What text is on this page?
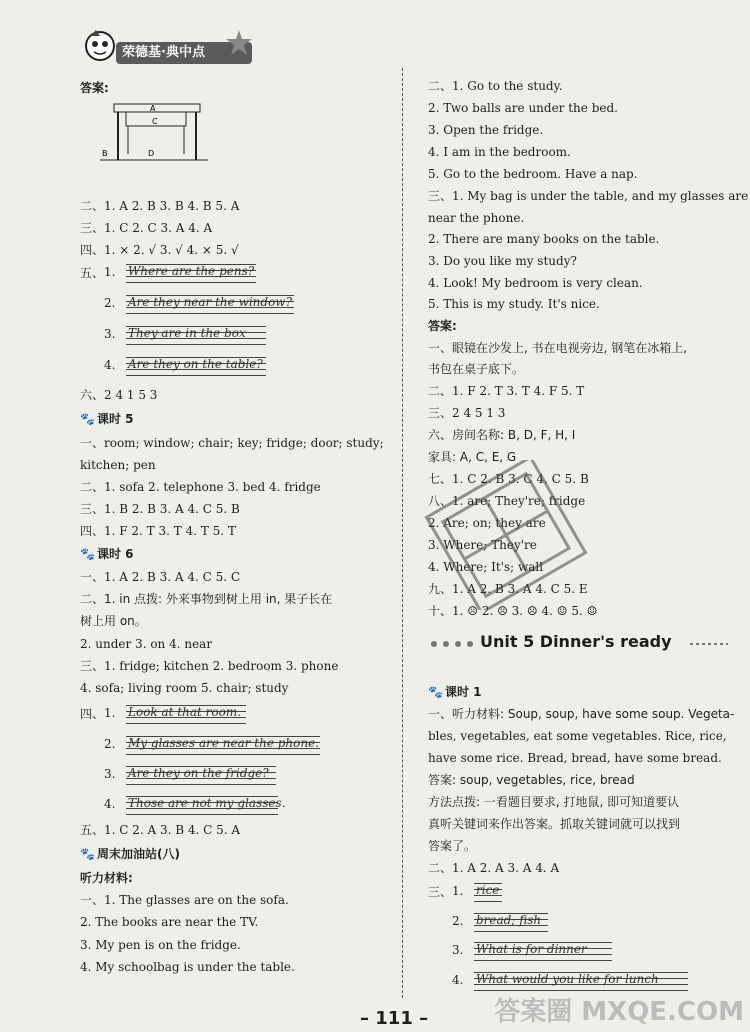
荣德基·典中点
答案:
A
C
B	D
二、1. A 2. B 3. B 4. B 5. A
三、1. C 2. C 3. A 4. A
四、1. × 2. √ 3. √ 4. × 5. √
五、 1. Where are the pens?
2. Are they near the window?
3. They are in the box
4. Are they on the table?
六、2 4 1 5 3
🐾 课时 5
一、room; window; chair; key; fridge; door; study;
kitchen; pen
二、1. sofa 2. telephone 3. bed 4. fridge
三、1. B 2. B 3. A 4. C 5. B
四、1. F 2. T 3. T 4. T 5. T
🐾 课时 6
一、1. A 2. B 3. A 4. C 5. C
二、1. in 点拨: 外来事物到树上用 in, 果子长在
树上用 on。
2. under 3. on 4. near
三、1. fridge; kitchen 2. bedroom 3. phone
4. sofa; living room 5. chair; study
四、 1. Look at that room.
2. My glasses are near the phone.
3. Are they on the fridge?
4. Those are not my glasses.
五、1. C 2. A 3. B 4. C 5. A
🐾 周末加油站(八)
听力材料:
一、1. The glasses are on the sofa.
2. The books are near the TV.
3. My pen is on the fridge.
4. My schoolbag is under the table.
二、1. Go to the study.
2. Two balls are under the bed.
3. Open the fridge.
4. I am in the bedroom.
5. Go to the bedroom. Have a nap.
三、1. My bag is under the table, and my glasses are
near the phone.
2. There are many books on the table.
3. Do you like my study?
4. Look! My bedroom is very clean.
5. This is my study. It's nice.
答案:
一、眼镜在沙发上, 书在电视旁边, 钢笔在冰箱上,
书包在桌子底下。
二、1. F 2. T 3. T 4. F 5. T
三、2 4 5 1 3
六、房间名称: B, D, F, H, I
家具: A, C, E, G
七、1. C 2. B 3. C 4. C 5. B
八、1. are; They're; fridge
2. Are; on; they are
3. Where; They're
4. Where; It's; wall
九、1. A 2. B 3. A 4. C 5. E
十、1. ☹ 2. ☹ 3. ☹ 4. ☺ 5. ☺
🐾 课时 1
一、听力材料: Soup, soup, have some soup. Vegeta-
bles, vegetables, eat some vegetables. Rice, rice,
have some rice. Bread, bread, have some bread.
答案: soup, vegetables, rice, bread
方法点拨: 一看题目要求, 打地鼠, 即可知道要认
真听关键词来作出答案。抓取关键词就可以找到
答案了。
二、1. A 2. A 3. A 4. A
三、 1. rice
2. bread; fish
3. What is for dinner
4. What would you like for lunch
Unit 5 Dinner's ready
– 111 –	答案圈 MXQE.COM
